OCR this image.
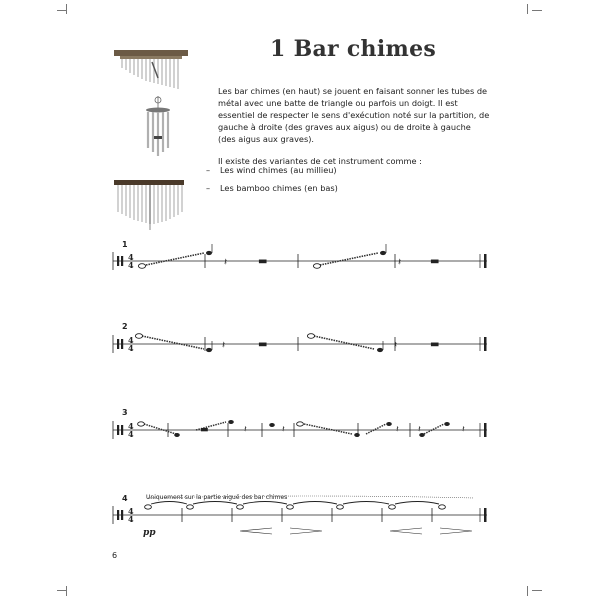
1 Bar chimes

Les bar chimes (en haut) se jouent en faisant sonner les tubes de métal avec une batte de triangle ou parfois un doigt. Il est essentiel de respecter le sens d'exécution noté sur la partition, de gauche à droite (des graves aux aigus) ou de droite à gauche (des aigus aux graves).

Il existe des variantes de cet instrument comme :

– Les wind chimes (au millieu)
– Les bamboo chimes (en bas)
1
2
3
4	Uniquement sur la partie aiguë des bar chimes
4
4
4
4
4
4
4
4
𝄽	▬	𝄽	▬
𝄽	▬	𝄽	▬
▬	𝄽	𝄽	𝄽 𝄽	𝄽
pp
6
